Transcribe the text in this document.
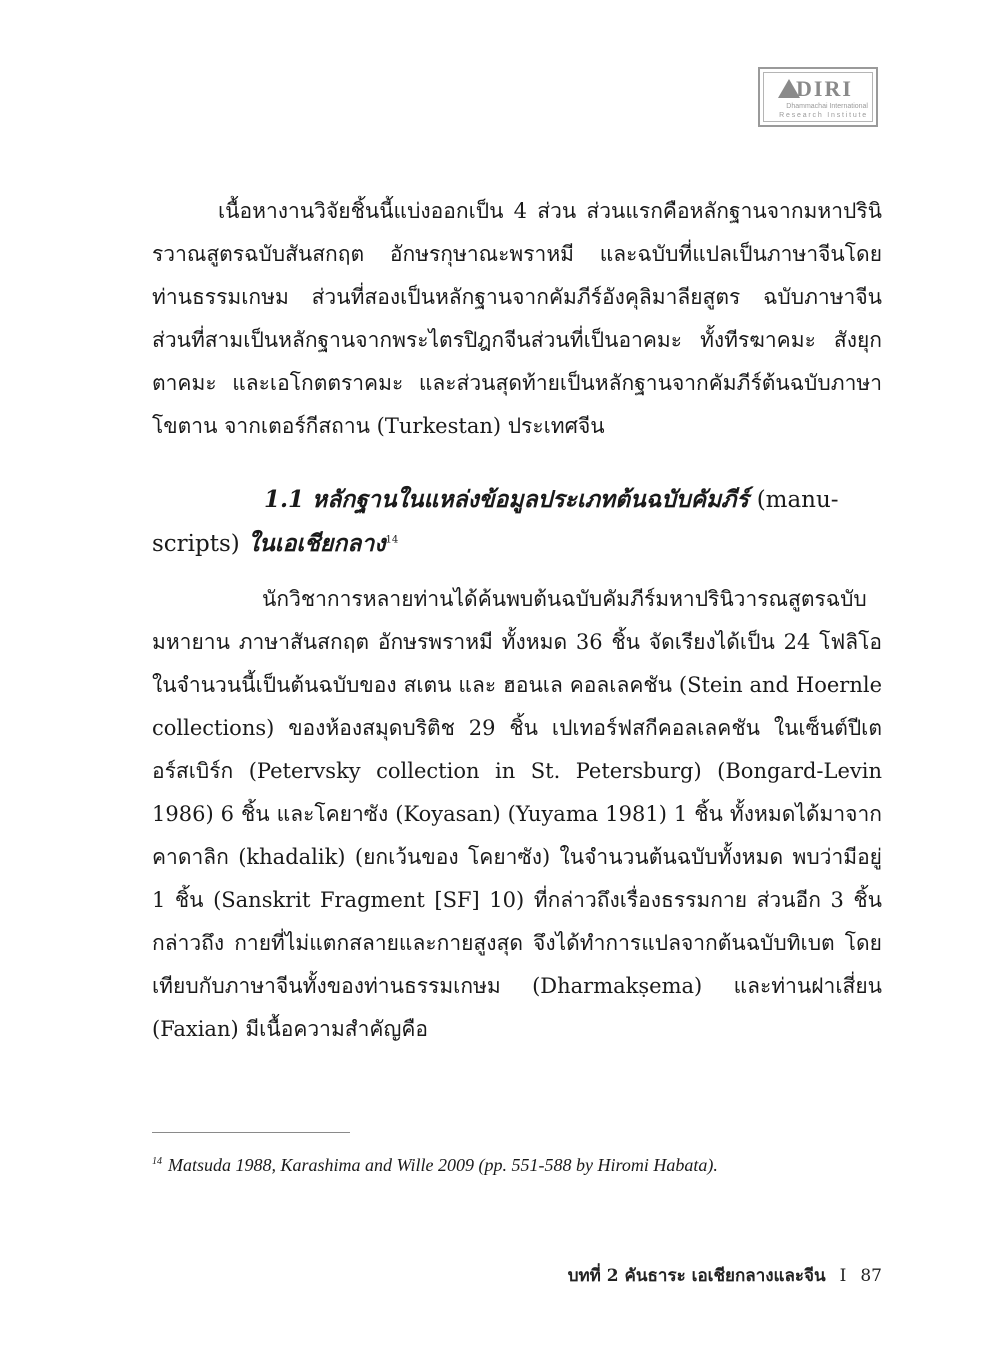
DIRI
Dhammachai International
Research Institute

เนื้อหางานวิจัยชิ้นนี้แบ่งออกเป็น 4 ส่วน ส่วนแรกคือหลักฐานจากมหาปรินิรวาณสูตรฉบับสันสกฤต อักษรกุษาณะพราหมี และฉบับที่แปลเป็นภาษาจีนโดยท่านธรรมเกษม ส่วนที่สองเป็นหลักฐานจากคัมภีร์อังคุลิมาลียสูตร ฉบับภาษาจีน ส่วนที่สามเป็นหลักฐานจากพระไตรปิฎกจีนส่วนที่เป็นอาคมะ ทั้งทีรฆาคมะ สังยุกตาคมะ และเอโกตตราคมะ และส่วนสุดท้ายเป็นหลักฐานจากคัมภีร์ต้นฉบับภาษาโขตาน จากเตอร์กีสถาน (Turkestan) ประเทศจีน

1.1 หลักฐานในแหล่งข้อมูลประเภทต้นฉบับคัมภีร์ (manu-scripts) ในเอเชียกลาง$^{14}$

นักวิชาการหลายท่านได้ค้นพบต้นฉบับคัมภีร์มหาปรินิวารณสูตรฉบับมหายาน ภาษาสันสกฤต อักษรพราหมี ทั้งหมด 36 ชิ้น จัดเรียงได้เป็น 24 โฟลิโอ ในจำนวนนี้เป็นต้นฉบับของ สเตน และ ฮอนเล คอลเลคชัน (Stein and Hoernle collections) ของห้องสมุดบริติช 29 ชิ้น เปเทอร์ฟสกีคอลเลคชัน ในเซ็นต์ปีเตอร์สเบิร์ก (Petervsky collection in St. Petersburg) (Bongard-Levin 1986) 6 ชิ้น และโคยาซัง (Koyasan) (Yuyama 1981) 1 ชิ้น ทั้งหมดได้มาจากคาดาลิก (khadalik) (ยกเว้นของ โคยาซัง) ในจำนวนต้นฉบับทั้งหมด พบว่ามีอยู่ 1 ชิ้น (Sanskrit Fragment [SF] 10) ที่กล่าวถึงเรื่องธรรมกาย ส่วนอีก 3 ชิ้น กล่าวถึง กายที่ไม่แตกสลายและกายสูงสุด จึงได้ทำการแปลจากต้นฉบับทิเบต โดยเทียบกับภาษาจีนทั้งของท่านธรรมเกษม (Dharmakṣema) และท่านฝาเสี่ยน (Faxian) มีเนื้อความสำคัญคือ

$^{14}$ Matsuda 1988, Karashima and Wille 2009 (pp. 551-588 by Hiromi Habata).

บทที่ 2 คันธาระ เอเชียกลางและจีน I 87
